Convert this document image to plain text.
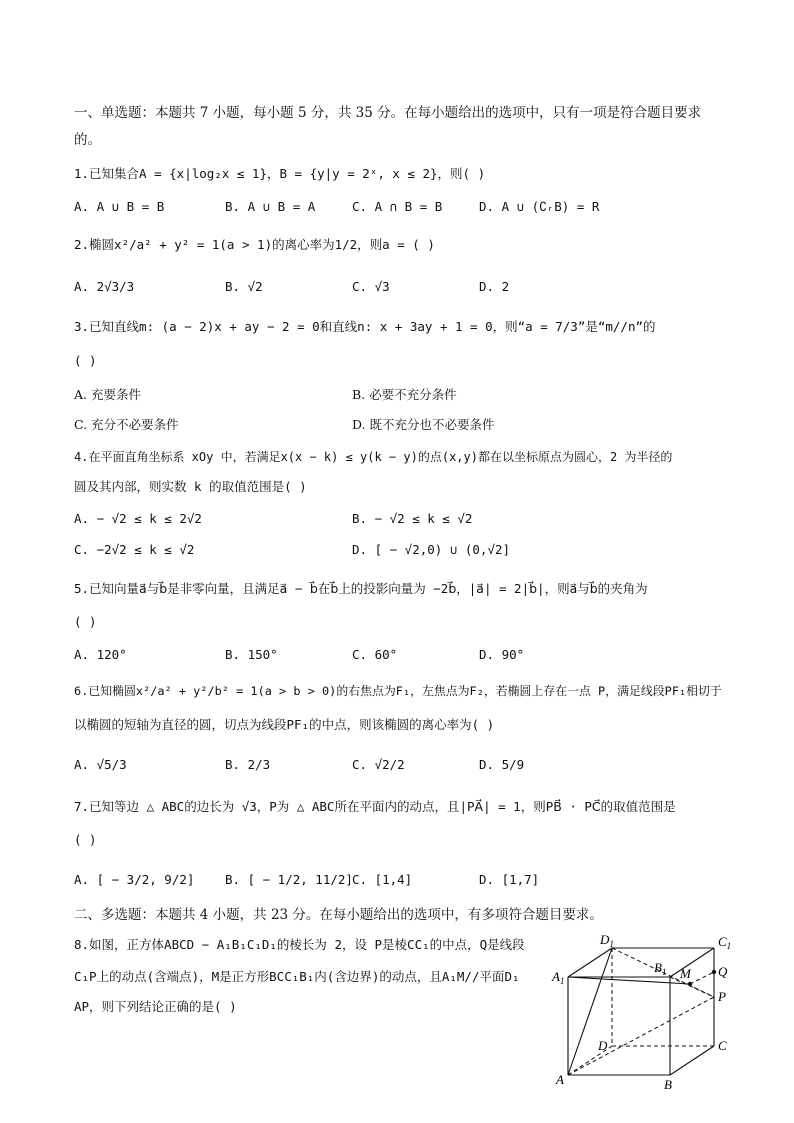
一、单选题：本题共 7 小题，每小题 5 分，共 35 分。在每小题给出的选项中，只有一项是符合题目要求
的。
1.已知集合A = {x|log₂x ≤ 1}，B = {y|y = 2ˣ, x ≤ 2}，则( )
A. A ∪ B = B	B. A ∪ B = A	C. A ∩ B = B	D. A ∪ (∁ᵣB) = R
2.椭圆x²/a² + y² = 1(a > 1)的离心率为1/2，则a = ( )
A. 2√3/3	B. √2	C. √3	D. 2
3.已知直线m: (a − 2)x + ay − 2 = 0和直线n: x + 3ay + 1 = 0，则“a = 7/3”是“m//n”的
( )
A. 充要条件	B. 必要不充分条件
C. 充分不必要条件	D. 既不充分也不必要条件
4.在平面直角坐标系 xOy 中，若满足x(x − k) ≤ y(k − y)的点(x,y)都在以坐标原点为圆心，2 为半径的
圆及其内部，则实数 k 的取值范围是( )
A. − √2 ≤ k ≤ 2√2	B. − √2 ≤ k ≤ √2
C. −2√2 ≤ k ≤ √2	D. [ − √2,0) ∪ (0,√2]
5.已知向量a⃗与b⃗是非零向量，且满足a⃗ − b⃗在b⃗上的投影向量为 −2b⃗，|a⃗| = 2|b⃗|，则a⃗与b⃗的夹角为
( )
A. 120°	B. 150°	C. 60°	D. 90°
6.已知椭圆x²/a² + y²/b² = 1(a > b > 0)的右焦点为F₁，左焦点为F₂，若椭圆上存在一点 P，满足线段PF₁相切于
以椭圆的短轴为直径的圆，切点为线段PF₁的中点，则该椭圆的离心率为( )
A. √5/3	B. 2/3	C. √2/2	D. 5/9
7.已知等边 △ ABC的边长为 √3，P为 △ ABC所在平面内的动点，且|PA⃗| = 1，则PB⃗ · PC⃗的取值范围是
( )
A. [ − 3/2, 9/2] B. [ − 1/2, 11/2] C. [1,4]	D. [1,7]
二、多选题：本题共 4 小题，共 23 分。在每小题给出的选项中，有多项符合题目要求。
8.如图，正方体ABCD − A₁B₁C₁D₁的棱长为 2，设 P是棱CC₁的中点，Q是线段
C₁P上的动点(含端点)，M是正方形BCC₁B₁内(含边界)的动点，且A₁M//平面D₁
AP，则下列结论正确的是( )
$D_1$	$C_1$
$A_1$
$B_1$ M Q
P
D	C
A	B
